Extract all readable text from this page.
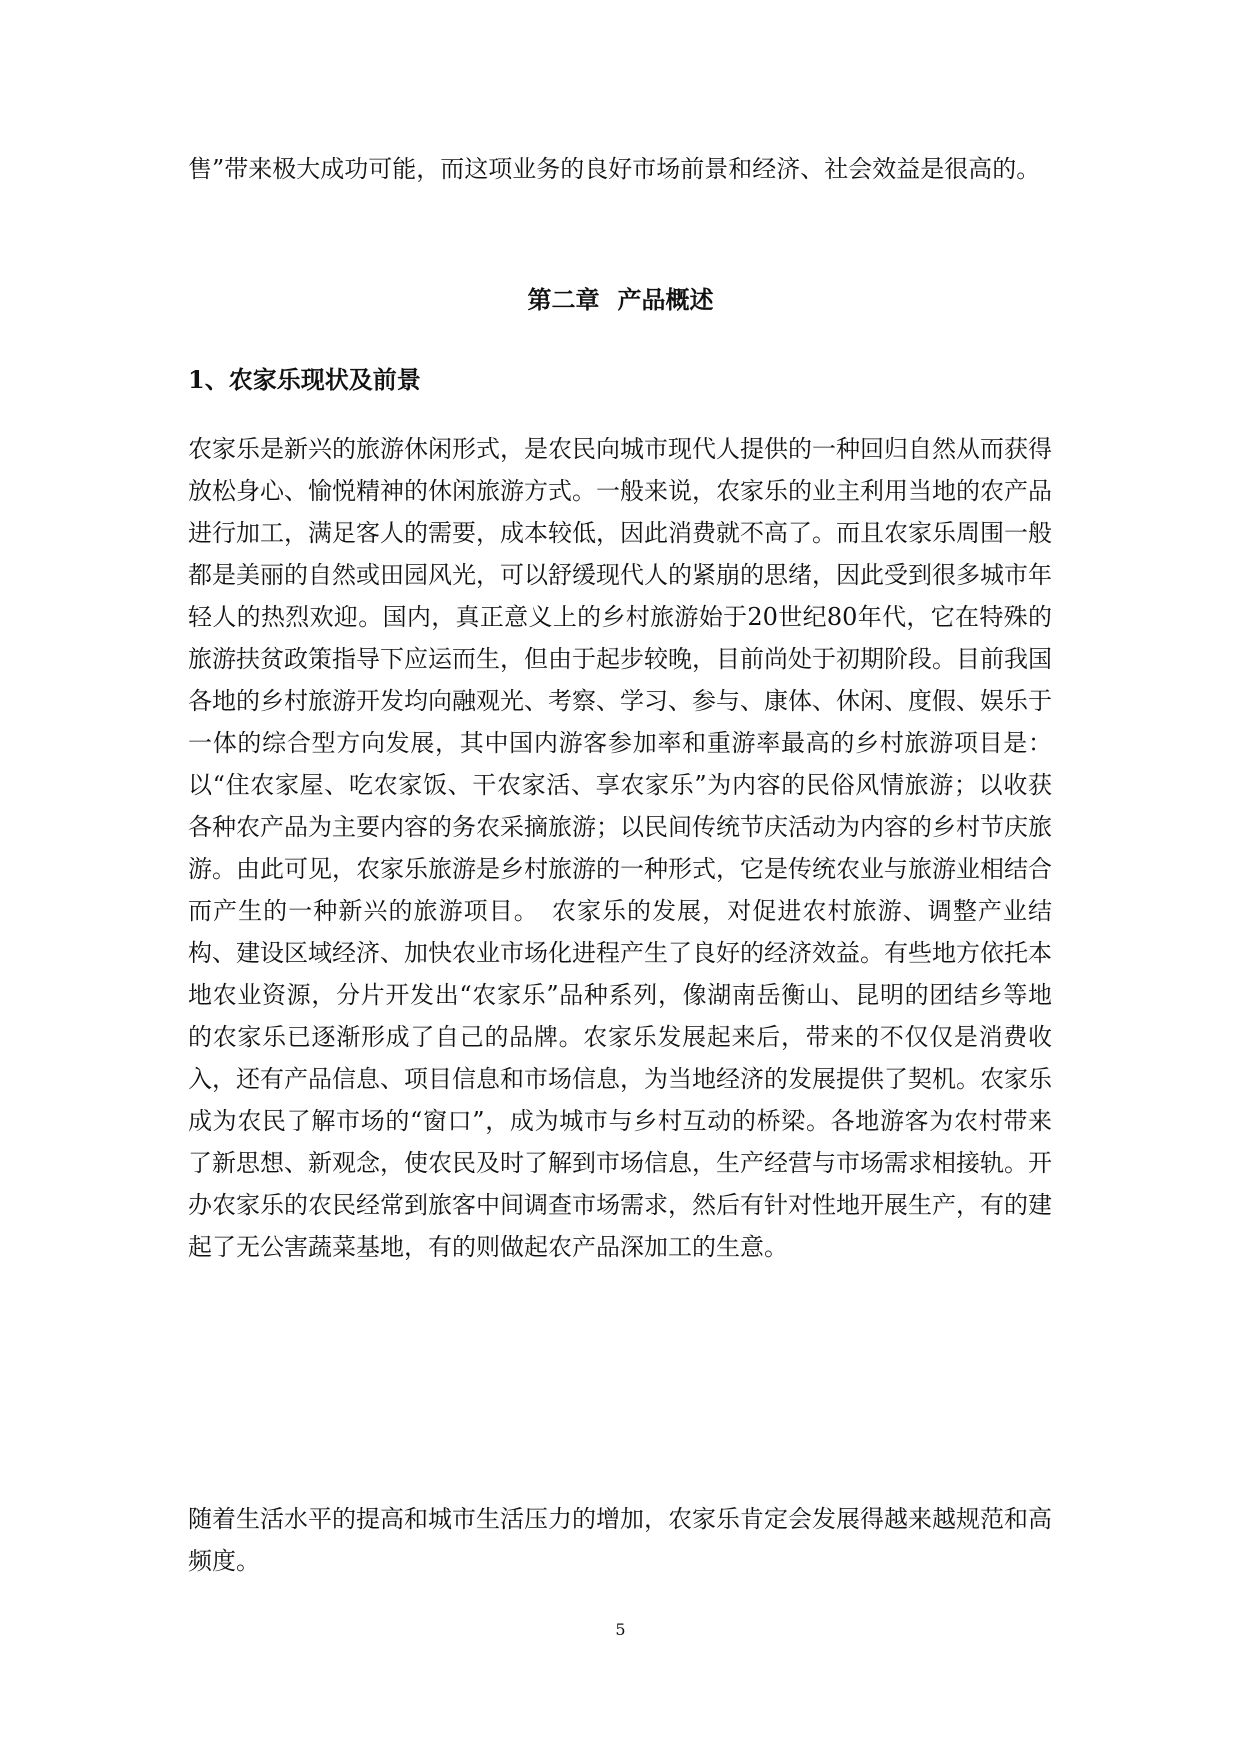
售”带来极大成功可能，而这项业务的良好市场前景和经济、社会效益是很高的。

第二章 产品概述
1、农家乐现状及前景

农家乐是新兴的旅游休闲形式，是农民向城市现代人提供的一种回归自然从而获得放松身心、愉悦精神的休闲旅游方式。一般来说，农家乐的业主利用当地的农产品进行加工，满足客人的需要，成本较低，因此消费就不高了。而且农家乐周围一般都是美丽的自然或田园风光，可以舒缓现代人的紧崩的思绪，因此受到很多城市年轻人的热烈欢迎。国内，真正意义上的乡村旅游始于20世纪80年代，它在特殊的旅游扶贫政策指导下应运而生，但由于起步较晚，目前尚处于初期阶段。目前我国各地的乡村旅游开发均向融观光、考察、学习、参与、康体、休闲、度假、娱乐于一体的综合型方向发展，其中国内游客参加率和重游率最高的乡村旅游项目是：以“住农家屋、吃农家饭、干农家活、享农家乐”为内容的民俗风情旅游；以收获各种农产品为主要内容的务农采摘旅游；以民间传统节庆活动为内容的乡村节庆旅游。由此可见，农家乐旅游是乡村旅游的一种形式，它是传统农业与旅游业相结合而产生的一种新兴的旅游项目。　农家乐的发展，对促进农村旅游、调整产业结构、建设区域经济、加快农业市场化进程产生了良好的经济效益。有些地方依托本地农业资源，分片开发出“农家乐”品种系列，像湖南岳衡山、昆明的团结乡等地的农家乐已逐渐形成了自己的品牌。农家乐发展起来后，带来的不仅仅是消费收入，还有产品信息、项目信息和市场信息，为当地经济的发展提供了契机。农家乐成为农民了解市场的“窗口”，成为城市与乡村互动的桥梁。各地游客为农村带来了新思想、新观念，使农民及时了解到市场信息，生产经营与市场需求相接轨。开办农家乐的农民经常到旅客中间调查市场需求，然后有针对性地开展生产，有的建起了无公害蔬菜基地，有的则做起农产品深加工的生意。

随着生活水平的提高和城市生活压力的增加，农家乐肯定会发展得越来越规范和高频度。

5
